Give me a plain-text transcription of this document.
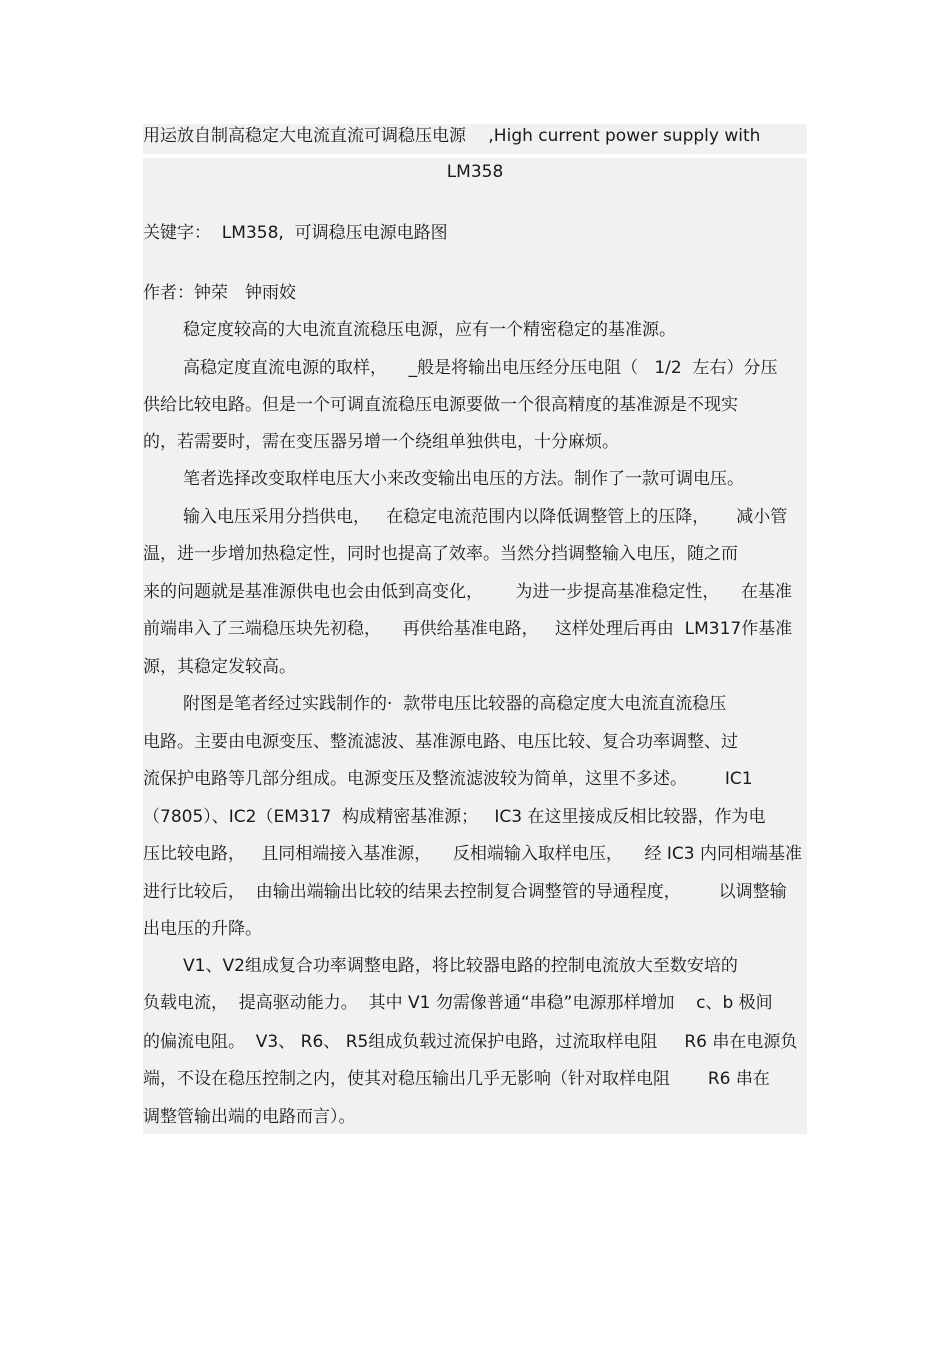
用运放自制高稳定大电流直流可调稳压电源　 ,High current power supply with
LM358
关键字：  LM358,  可调稳压电源电路图
作者：钟荣　钟雨姣
稳定度较高的大电流直流稳压电源，应有一个精密稳定的基准源。
高稳定度直流电源的取样，    _般是将输出电压经分压电阻（   1/2  左右）分压
供给比较电路。但是一个可调直流稳压电源要做一个很高精度的基准源是不现实
的，若需要时，需在变压器另增一个绕组单独供电，十分麻烦。
笔者选择改变取样电压大小来改变输出电压的方法。制作了一款可调电压。
输入电压采用分挡供电，   在稳定电流范围内以降低调整管上的压降，     减小管
温，进一步增加热稳定性，同时也提高了效率。当然分挡调整输入电压，随之而
来的问题就是基准源供电也会由低到高变化，      为进一步提高基准稳定性，    在基准
前端串入了三端稳压块先初稳，    再供给基准电路，   这样处理后再由  LM317作基准
源，其稳定发较高。
附图是笔者经过实践制作的·  款带电压比较器的高稳定度大电流直流稳压
电路。主要由电源变压、整流滤波、基准源电路、电压比较、复合功率调整、过
流保护电路等几部分组成。电源变压及整流滤波较为简单，这里不多述。       IC1
（7805）、IC2（EM317  构成精密基准源；   IC3 在这里接成反相比较器，作为电
压比较电路，   且同相端接入基准源，    反相端输入取样电压，    经 IC3 内同相端基准
进行比较后，  由输出端输出比较的结果去控制复合调整管的导通程度，       以调整输
出电压的升降。
V1、V2组成复合功率调整电路，将比较器电路的控制电流放大至数安培的
负载电流，  提高驱动能力。  其中 V1 勿需像普通“串稳”电源那样增加    c、b 极间
的偏流电阻。  V3、 R6、 R5组成负载过流保护电路，过流取样电阻     R6 串在电源负
端，不设在稳压控制之内，使其对稳压输出几乎无影响（针对取样电阻       R6 串在
调整管输出端的电路而言）。
